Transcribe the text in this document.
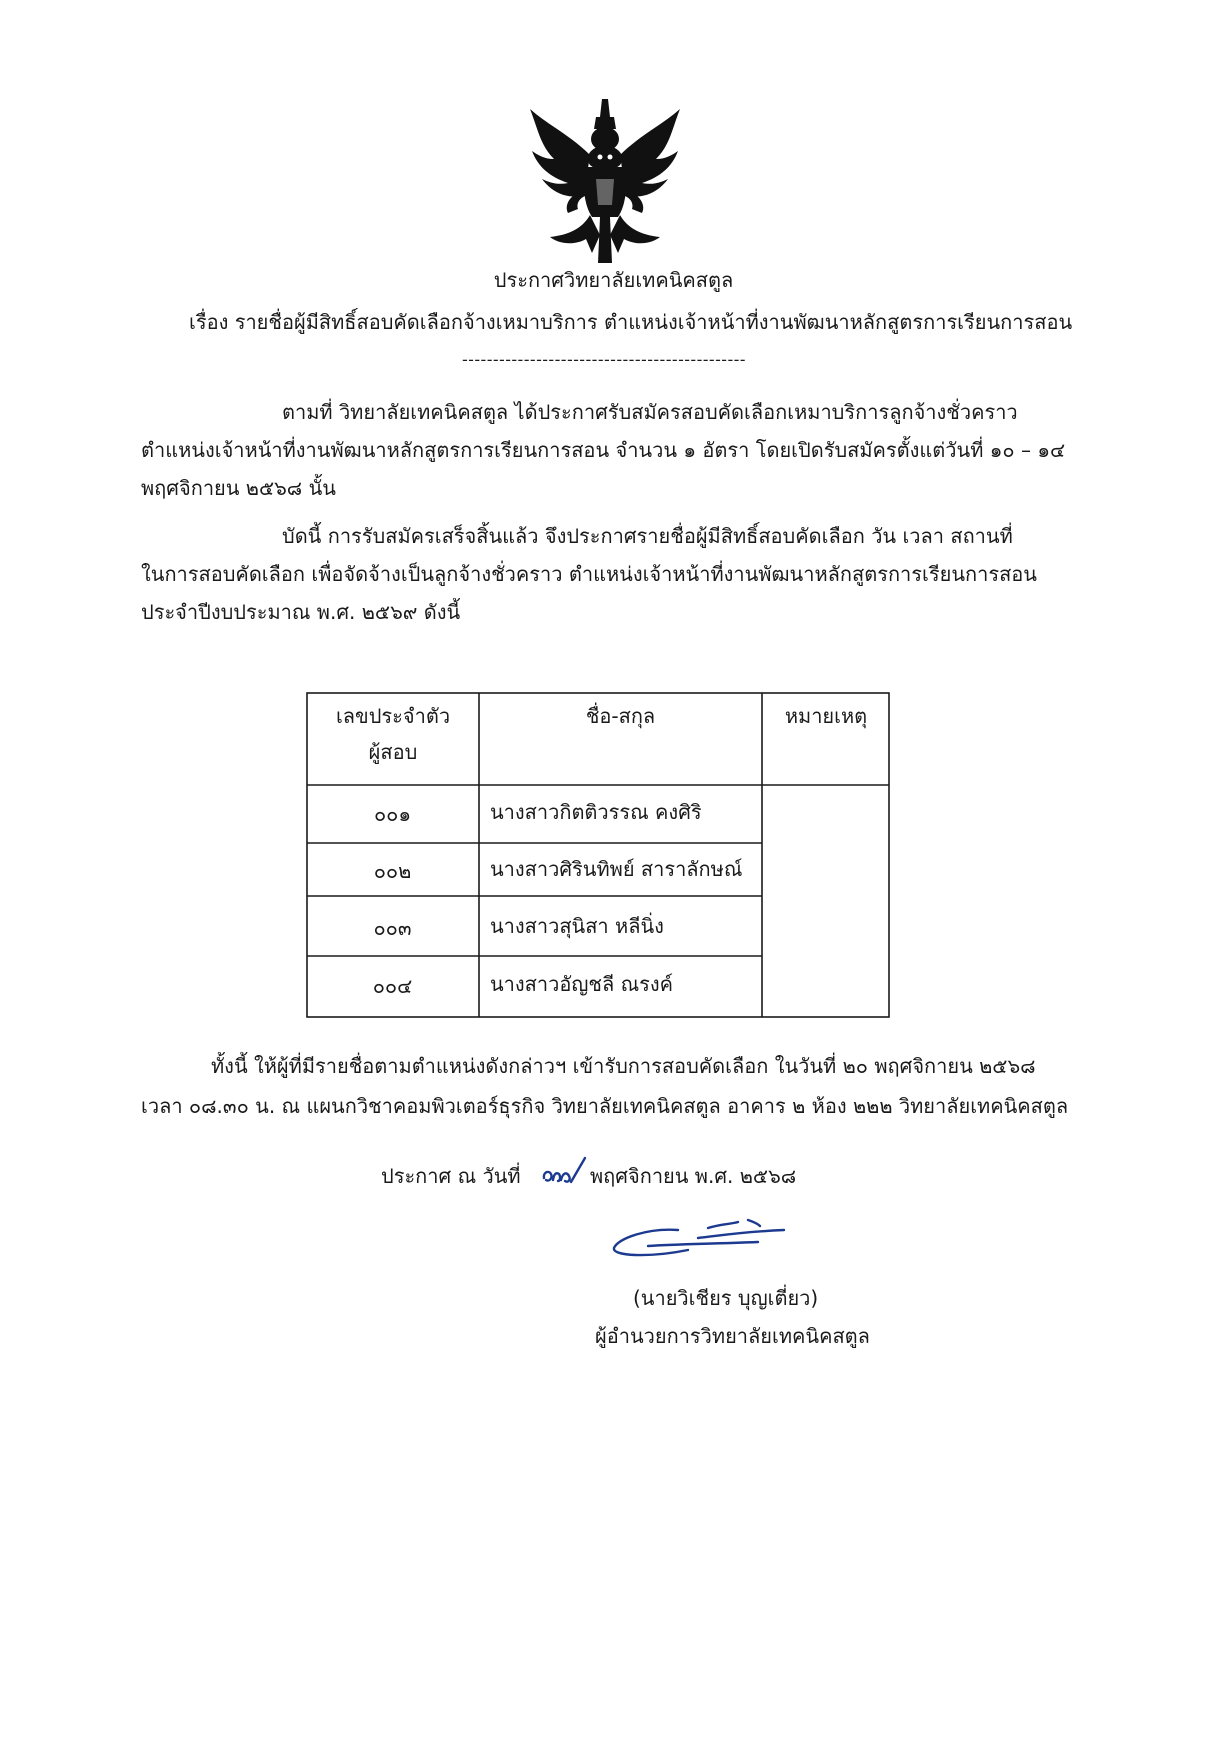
ประกาศวิทยาลัยเทคนิคสตูล
เรื่อง รายชื่อผู้มีสิทธิ์สอบคัดเลือกจ้างเหมาบริการ ตำแหน่งเจ้าหน้าที่งานพัฒนาหลักสูตรการเรียนการสอน
----------------------------------------------
ตามที่ วิทยาลัยเทคนิคสตูล ได้ประกาศรับสมัครสอบคัดเลือกเหมาบริการลูกจ้างชั่วคราว
ตำแหน่งเจ้าหน้าที่งานพัฒนาหลักสูตรการเรียนการสอน จำนวน ๑ อัตรา โดยเปิดรับสมัครตั้งแต่วันที่ ๑๐ – ๑๔
พฤศจิกายน ๒๕๖๘ นั้น
บัดนี้ การรับสมัครเสร็จสิ้นแล้ว จึงประกาศรายชื่อผู้มีสิทธิ์สอบคัดเลือก วัน เวลา สถานที่
ในการสอบคัดเลือก เพื่อจัดจ้างเป็นลูกจ้างชั่วคราว ตำแหน่งเจ้าหน้าที่งานพัฒนาหลักสูตรการเรียนการสอน
ประจำปีงบประมาณ พ.ศ. ๒๕๖๙ ดังนี้
เลขประจำตัว
ผู้สอบ
ชื่อ-สกุล	หมายเหตุ
๐๐๑	นางสาวกิตติวรรณ คงศิริ
๐๐๒	นางสาวศิรินทิพย์ สาราลักษณ์
๐๐๓	นางสาวสุนิสา หลีนิ่ง
๐๐๔	นางสาวอัญชลี ณรงค์
ทั้งนี้ ให้ผู้ที่มีรายชื่อตามตำแหน่งดังกล่าวฯ เข้ารับการสอบคัดเลือก ในวันที่ ๒๐ พฤศจิกายน ๒๕๖๘
เวลา ๐๘.๓๐ น. ณ แผนกวิชาคอมพิวเตอร์ธุรกิจ วิทยาลัยเทคนิคสตูล อาคาร ๒ ห้อง ๒๒๒ วิทยาลัยเทคนิคสตูล
ประกาศ ณ วันที่	พฤศจิกายน พ.ศ. ๒๕๖๘
(นายวิเชียร บุญเตี่ยว)
ผู้อำนวยการวิทยาลัยเทคนิคสตูล
